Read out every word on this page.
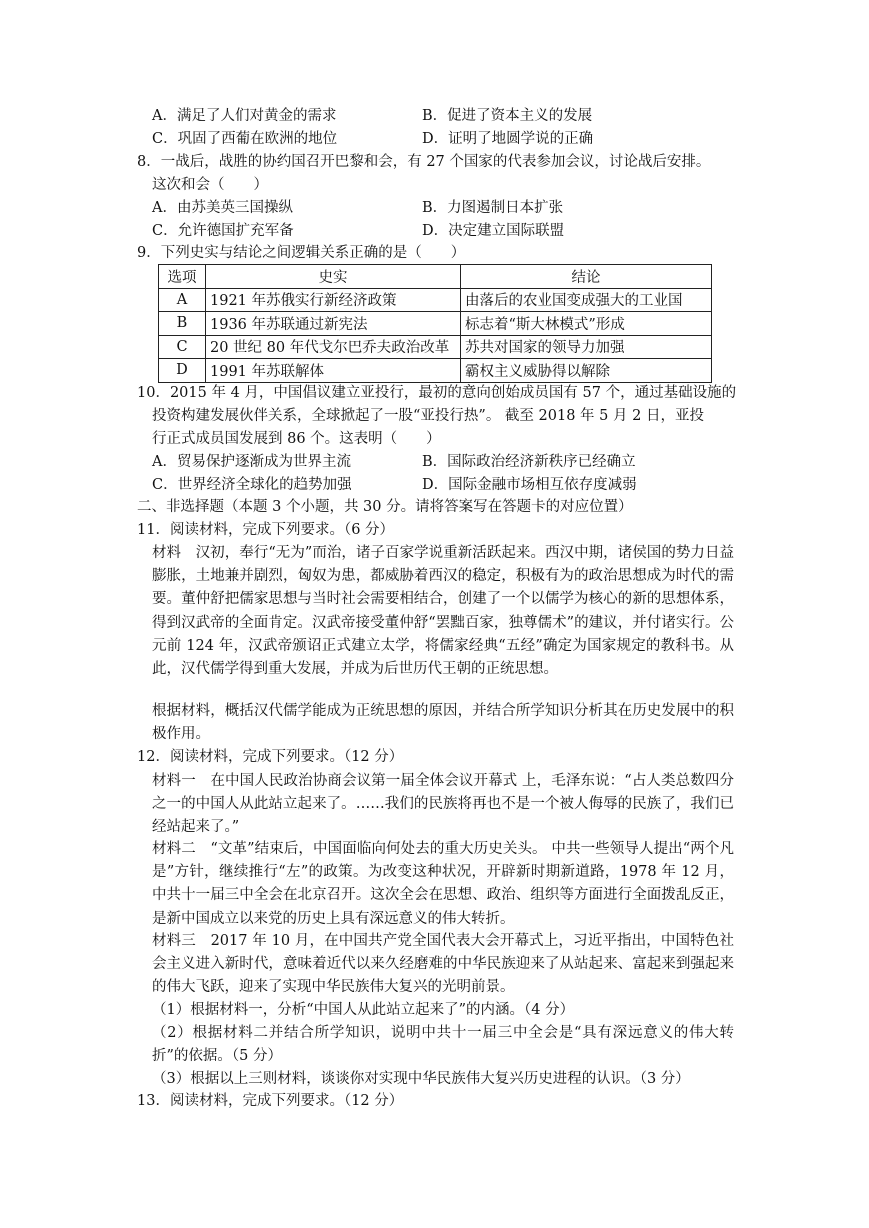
A．满足了人们对黄金的需求	B．促进了资本主义的发展
C．巩固了西葡在欧洲的地位	D．证明了地圆学说的正确
8．一战后，战胜的协约国召开巴黎和会，有 27 个国家的代表参加会议，讨论战后安排。
这次和会（　　）
A．由苏美英三国操纵	B．力图遏制日本扩张
C．允许德国扩充军备	D．决定建立国际联盟
9．下列史实与结论之间逻辑关系正确的是（　　）
选项	史实	结论
A	1921 年苏俄实行新经济政策	由落后的农业国变成强大的工业国
B	1936 年苏联通过新宪法	标志着“斯大林模式”形成
C	20 世纪 80 年代戈尔巴乔夫政治改革	苏共对国家的领导力加强
D	1991 年苏联解体	霸权主义威胁得以解除
10．2015 年 4 月，中国倡议建立亚投行，最初的意向创始成员国有 57 个，通过基础设施的
投资构建发展伙伴关系，全球掀起了一股“亚投行热”。 截至 2018 年 5 月 2 日，亚投
行正式成员国发展到 86 个。这表明（　　）
A．贸易保护逐渐成为世界主流	B．国际政治经济新秩序已经确立
C．世界经济全球化的趋势加强	D．国际金融市场相互依存度减弱
二、非选择题（本题 3 个小题，共 30 分。请将答案写在答题卡的对应位置）
11．阅读材料，完成下列要求。（6 分）
材料　汉初，奉行“无为”而治，诸子百家学说重新活跃起来。西汉中期，诸侯国的势力日益膨胀，土地兼并剧烈，匈奴为患，都威胁着西汉的稳定，积极有为的政治思想成为时代的需要。董仲舒把儒家思想与当时社会需要相结合，创建了一个以儒学为核心的新的思想体系，得到汉武帝的全面肯定。汉武帝接受董仲舒“罢黜百家，独尊儒术”的建议，并付诸实行。公元前 124 年，汉武帝颁诏正式建立太学，将儒家经典“五经”确定为国家规定的教科书。从此，汉代儒学得到重大发展，并成为后世历代王朝的正统思想。
根据材料，概括汉代儒学能成为正统思想的原因，并结合所学知识分析其在历史发展中的积极作用。
12．阅读材料，完成下列要求。（12 分）
材料一　在中国人民政治协商会议第一届全体会议开幕式 上，毛泽东说：“占人类总数四分之一的中国人从此站立起来了。……我们的民族将再也不是一个被人侮辱的民族了，我们已经站起来了。”
材料二　“文革”结束后，中国面临向何处去的重大历史关头。 中共一些领导人提出“两个凡是”方针，继续推行“左”的政策。为改变这种状况，开辟新时期新道路，1978 年 12 月，中共十一届三中全会在北京召开。这次全会在思想、政治、组织等方面进行全面拨乱反正，是新中国成立以来党的历史上具有深远意义的伟大转折。
材料三　2017 年 10 月，在中国共产党全国代表大会开幕式上，习近平指出，中国特色社会主义进入新时代，意味着近代以来久经磨难的中华民族迎来了从站起来、富起来到强起来的伟大飞跃，迎来了实现中华民族伟大复兴的光明前景。
（1）根据材料一，分析“中国人从此站立起来了”的内涵。（4 分）
（2）根据材料二并结合所学知识，说明中共十一届三中全会是“具有深远意义的伟大转折”的依据。（5 分）
（3）根据以上三则材料，谈谈你对实现中华民族伟大复兴历史进程的认识。（3 分）
13．阅读材料，完成下列要求。（12 分）
